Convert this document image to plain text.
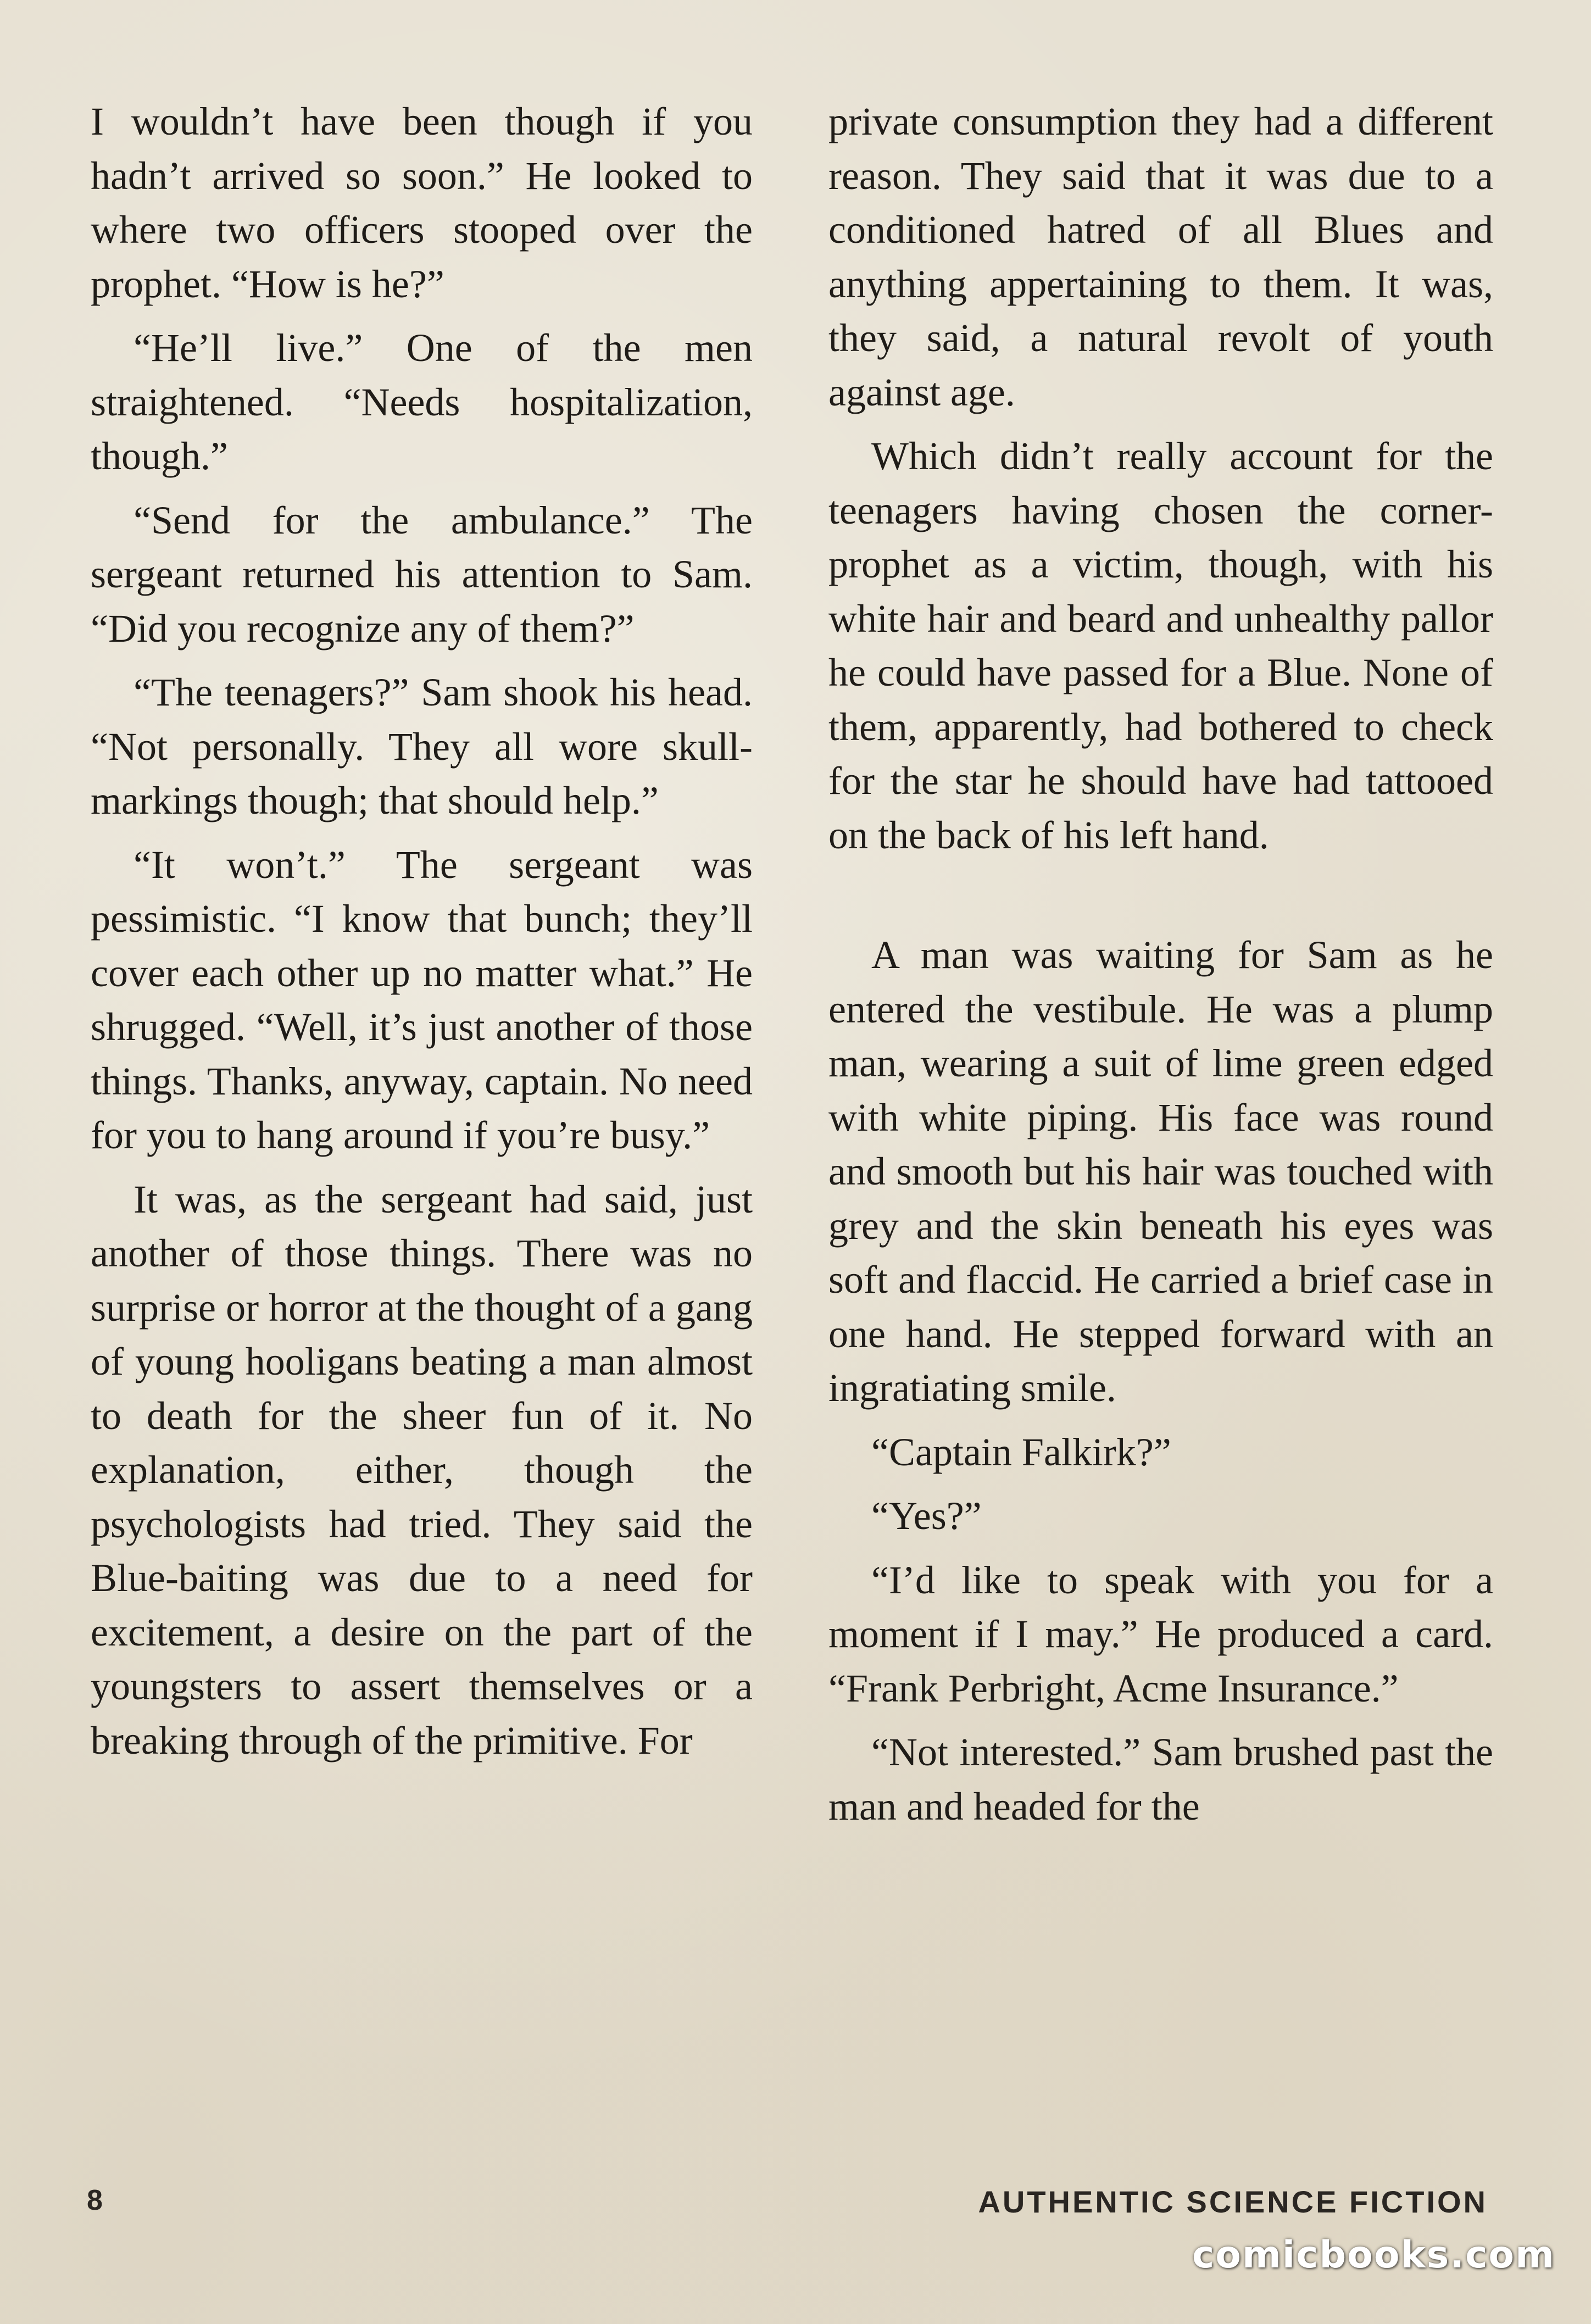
I wouldn’t have been though if you hadn’t arrived so soon.” He looked to where two officers stooped over the prophet. “How is he?”

“He’ll live.” One of the men straightened. “Needs hospitalization, though.”

“Send for the ambulance.” The sergeant returned his attention to Sam. “Did you recognize any of them?”

“The teenagers?” Sam shook his head. “Not personally. They all wore skull-markings though; that should help.”

“It won’t.” The sergeant was pessimistic. “I know that bunch; they’ll cover each other up no matter what.” He shrugged. “Well, it’s just another of those things. Thanks, anyway, captain. No need for you to hang around if you’re busy.”

It was, as the sergeant had said, just another of those things. There was no surprise or horror at the thought of a gang of young hooligans beating a man almost to death for the sheer fun of it. No explanation, either, though the psychologists had tried. They said the Blue-baiting was due to a need for excitement, a desire on the part of the youngsters to assert themselves or a breaking through of the primitive. For

private consumption they had a different reason. They said that it was due to a conditioned hatred of all Blues and anything appertaining to them. It was, they said, a natural revolt of youth against age.

Which didn’t really account for the teenagers having chosen the corner-prophet as a victim, though, with his white hair and beard and unhealthy pallor he could have passed for a Blue. None of them, apparently, had bothered to check for the star he should have had tattooed on the back of his left hand.

A man was waiting for Sam as he entered the vestibule. He was a plump man, wearing a suit of lime green edged with white piping. His face was round and smooth but his hair was touched with grey and the skin beneath his eyes was soft and flaccid. He carried a brief case in one hand. He stepped forward with an ingratiating smile.

“Captain Falkirk?”

“Yes?”

“I’d like to speak with you for a moment if I may.” He produced a card. “Frank Perbright, Acme Insurance.”

“Not interested.” Sam brushed past the man and headed for the

8	AUTHENTIC SCIENCE FICTION
comicbooks.com
